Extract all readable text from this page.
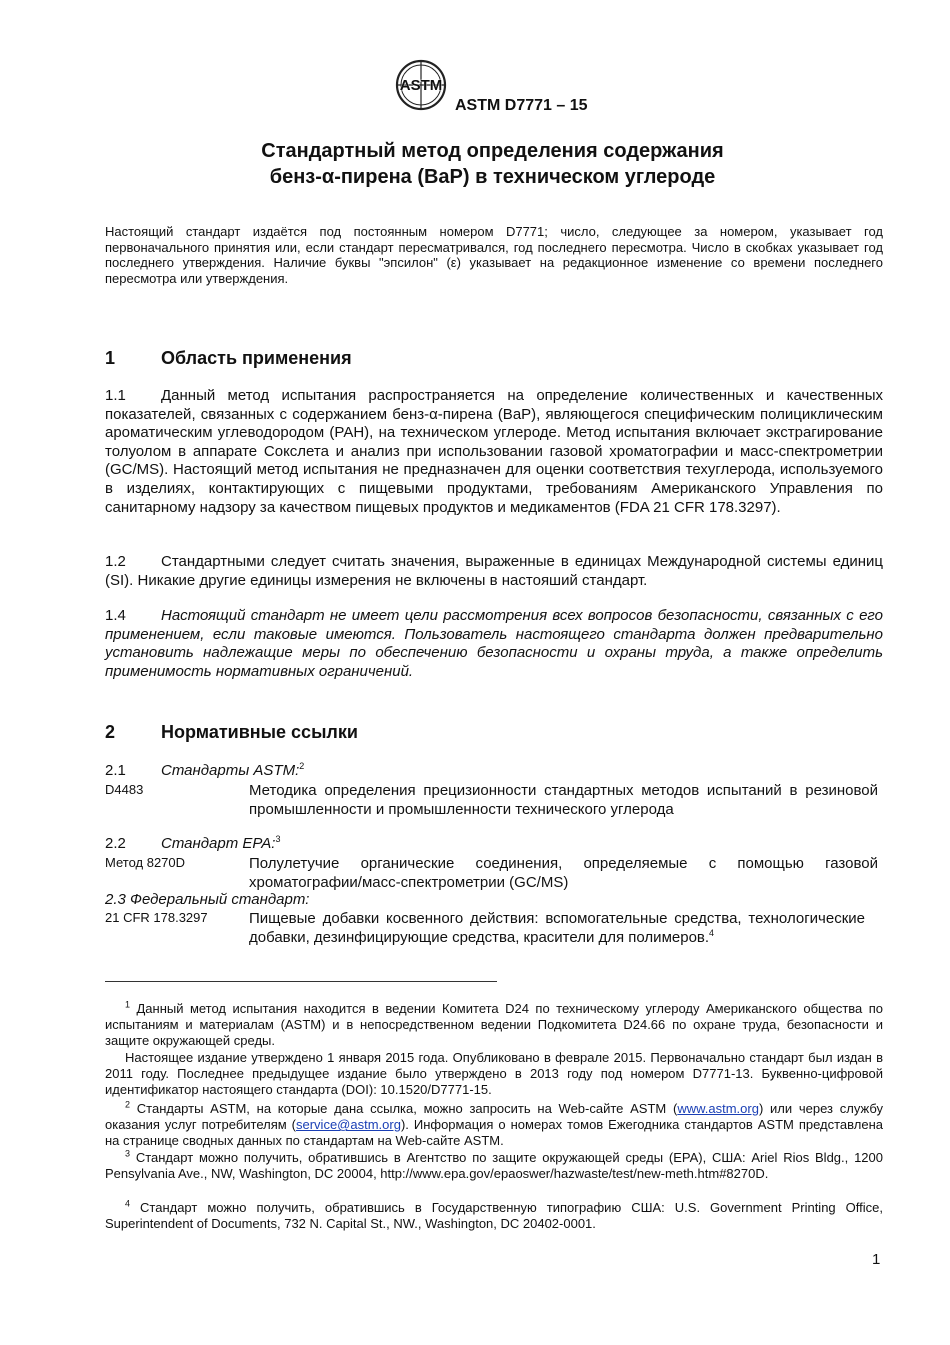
ASTM
ASTM D7771 – 15
Стандартный метод определения содержания
бенз-α-пирена (BaP) в техническом углероде
Настоящий стандарт издаётся под постоянным номером D7771; число, следующее за номером, указывает год первоначального принятия или, если стандарт пересматривался, год последнего пересмотра. Число в скобках указывает год последнего утверждения. Наличие буквы "эпсилон" (ε) указывает на редакционное изменение со времени последнего пересмотра или утверждения.
1	Область применения
1.1 Данный метод испытания распространяется на определение количественных и качественных показателей, связанных с содержанием бенз-α-пирена (BaP), являющегося специфическим полициклическим ароматическим углеводородом (PAH), на техническом углероде. Метод испытания включает экстрагирование толуолом в аппарате Сокслета и анализ при использовании газовой хроматографии и масс-спектрометрии (GC/MS). Настоящий метод испытания не предназначен для оценки соответствия техуглерода, используемого в изделиях, контактирующих с пищевыми продуктами, требованиям Американского Управления по санитарному надзору за качеством пищевых продуктов и медикаментов (FDA 21 CFR 178.3297).
1.2 Стандартными следует считать значения, выраженные в единицах Международной системы единиц (SI). Никакие другие единицы измерения не включены в настояший стандарт.
1.4 Настоящий стандарт не имеет цели рассмотрения всех вопросов безопасности, связанных с его применением, если таковые имеются. Пользователь настоящего стандарта должен предварительно установить надлежащие меры по обеспечению безопасности и охраны труда, а также определить применимость нормативных ограничений.
2	Нормативные ссылки
2.1 Стандарты ASTM:$^2$
D4483	Методика определения прецизионности стандартных методов испытаний в резиновой промышленности и промышленности технического углерода
2.2 Стандарт EPA:$^3$
Метод 8270D	Полулетучие органические соединения, определяемые с помощью газовой хроматографии/масс-спектрометрии (GC/MS)
2.3 Федеральный стандарт:
21 CFR 178.3297	Пищевые добавки косвенного действия: вспомогательные средства, технологические добавки, дезинфицирующие средства, красители для полимеров.$^4$
$^1$ Данный метод испытания находится в ведении Комитета D24 по техническому углероду Американского общества по испытаниям и материалам (ASTM) и в непосредственном ведении Подкомитета D24.66 по охране труда, безопасности и защите окружающей среды.
Настоящее издание утверждено 1 января 2015 года. Опубликовано в феврале 2015. Первоначально стандарт был издан в 2011 году. Последнее предыдущее издание было утверждено в 2013 году под номером D7771-13. Буквенно-цифровой идентификатор настоящего стандарта (DOI): 10.1520/D7771-15.
$^2$ Стандарты ASTM, на которые дана ссылка, можно запросить на Web-сайте ASTM (www.astm.org) или через службу оказания услуг потребителям (service@astm.org). Информация о номерах томов Ежегодника стандартов ASTM представлена на странице сводных данных по стандартам на Web-сайте ASTM.
$^3$ Стандарт можно получить, обратившись в Агентство по защите окружающей среды (EPA), США: Ariel Rios Bldg., 1200 Pensylvania Ave., NW, Washington, DC 20004, http://www.epa.gov/epaoswer/hazwaste/test/new-meth.htm#8270D.
$^4$ Стандарт можно получить, обратившись в Государственную типографию США: U.S. Government Printing Office, Superintendent of Documents, 732 N. Capital St., NW., Washington, DC 20402-0001.
1
